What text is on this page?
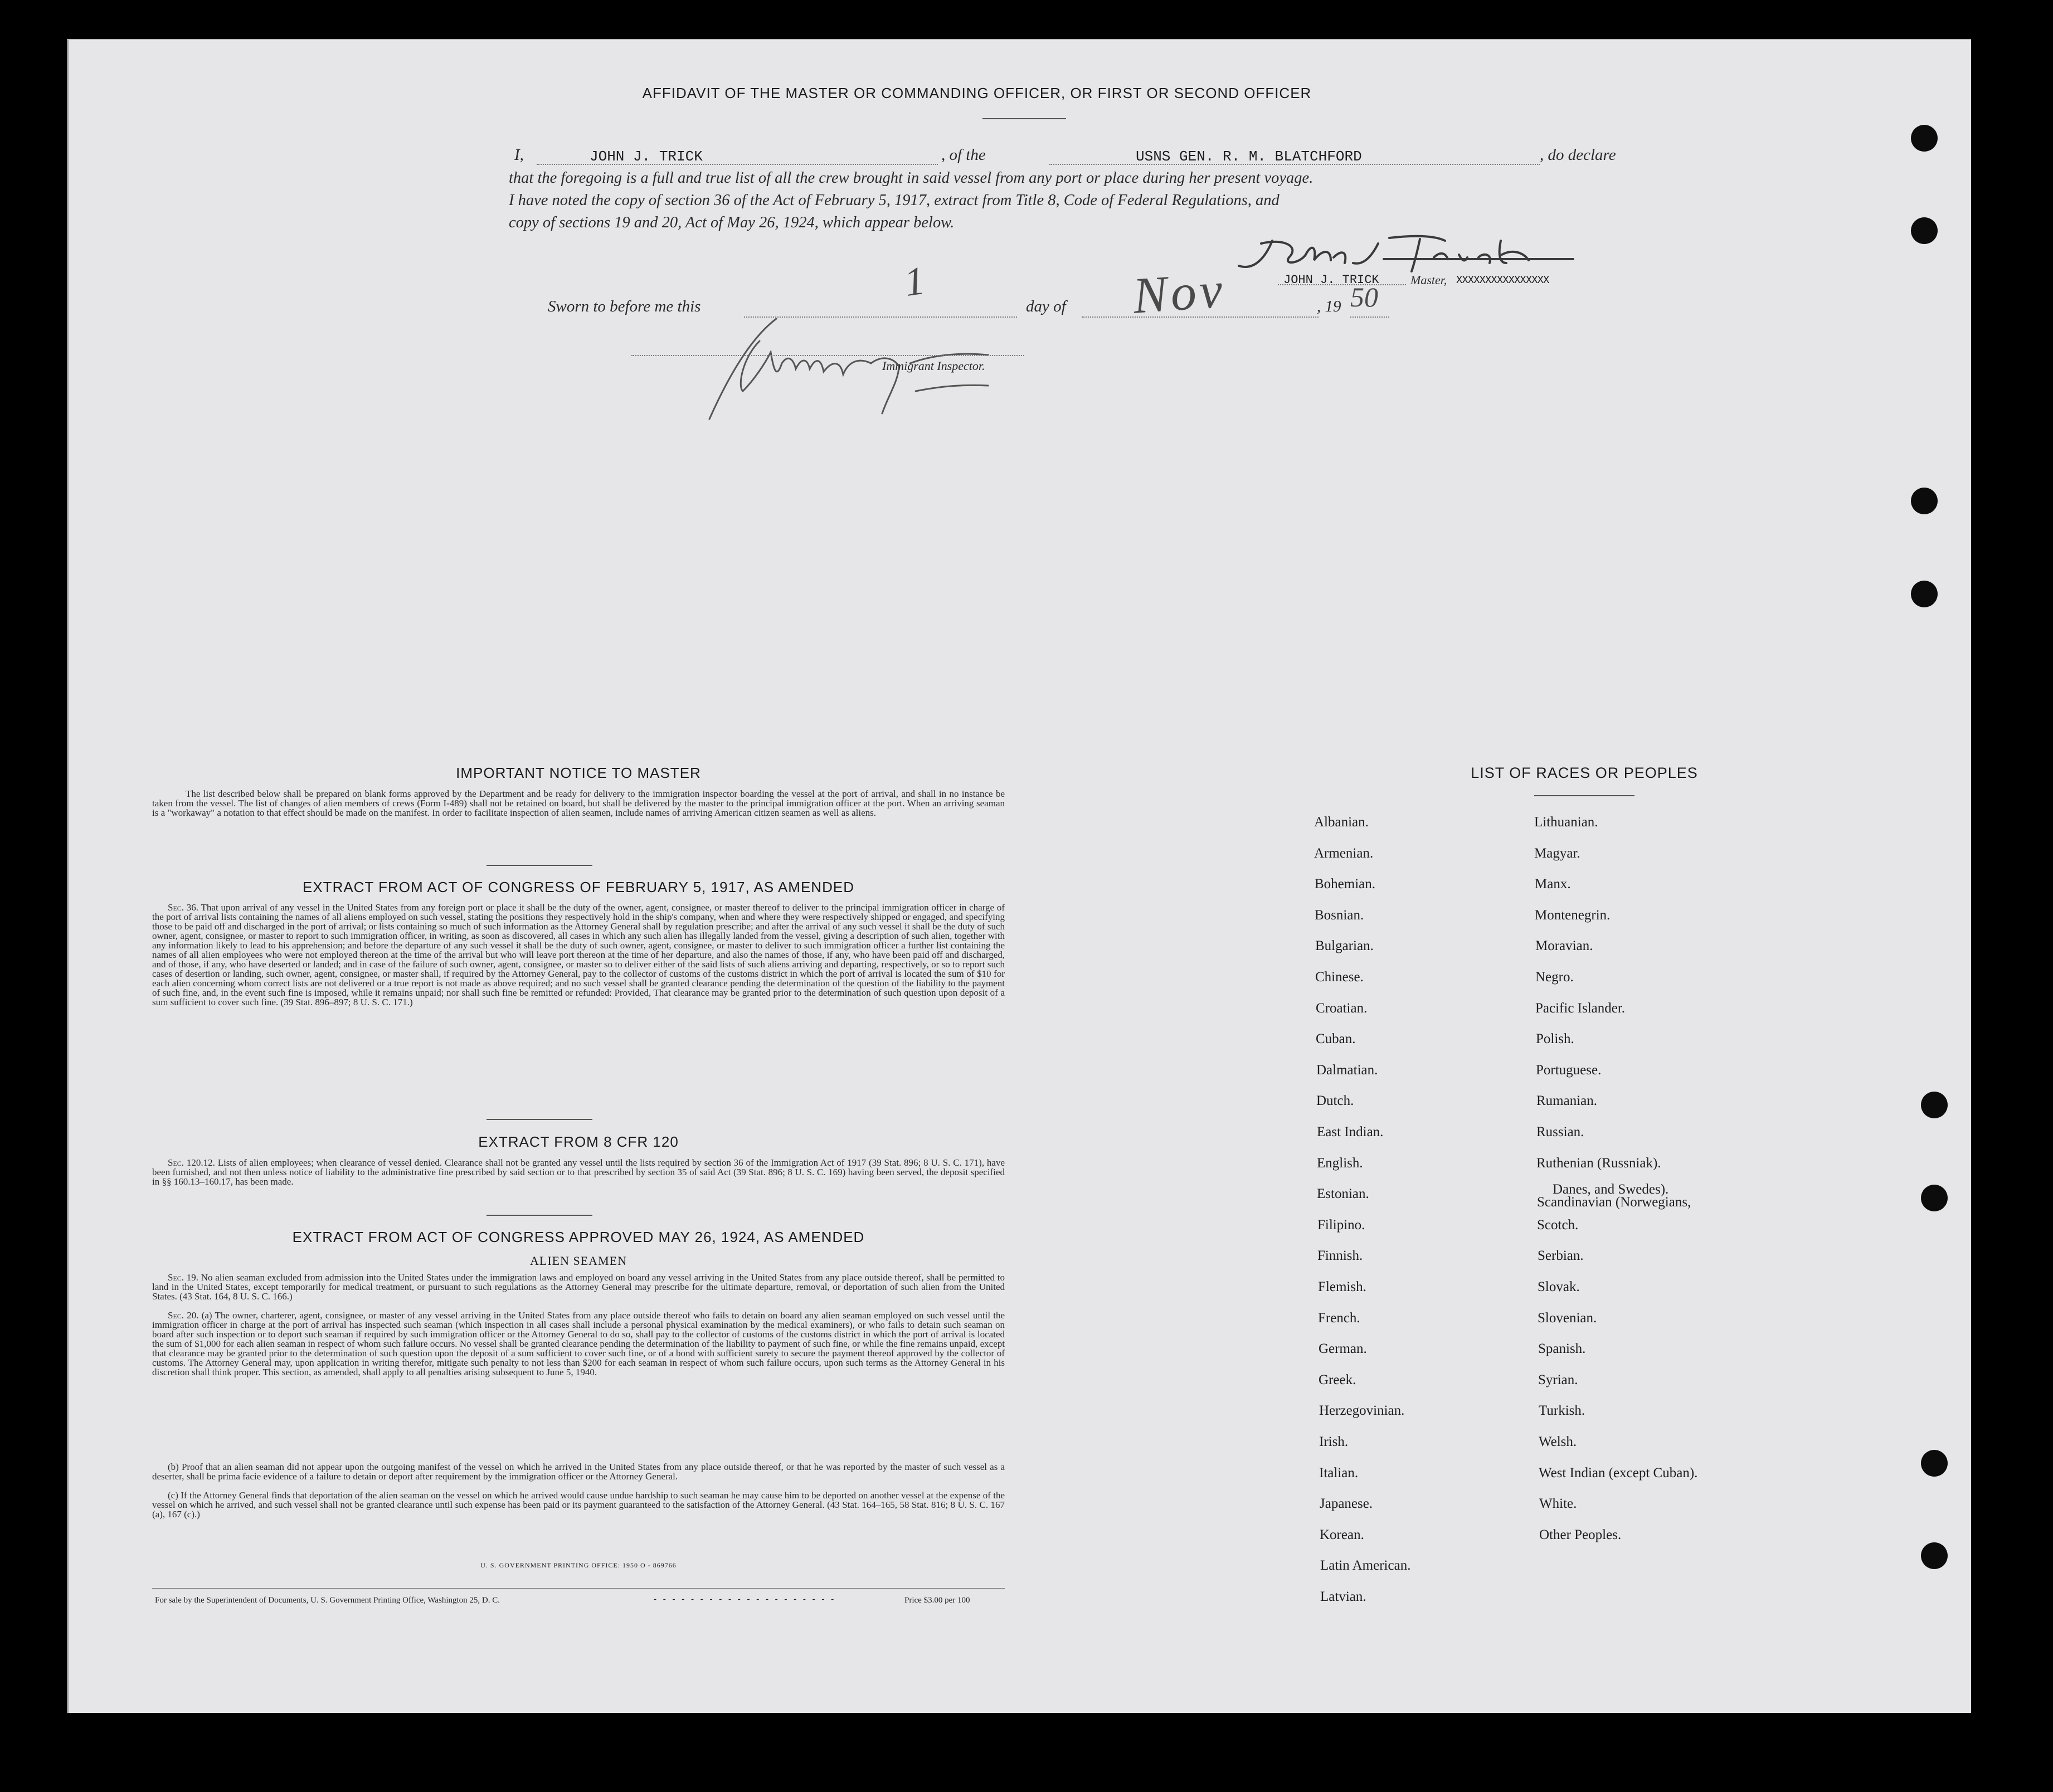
AFFIDAVIT OF THE MASTER OR COMMANDING OFFICER, OR FIRST OR SECOND OFFICER
I,	JOHN J. TRICK	, of the	USNS GEN. R. M. BLATCHFORD	, do declare
that the foregoing is a full and true list of all the crew brought in said vessel from any port or place during her present voyage.
I have noted the copy of section 36 of the Act of February 5, 1917, extract from Title 8, Code of Federal Regulations, and
copy of sections 19 and 20, Act of May 26, 1924, which appear below.
JOHN J. TRICK	Master, XXXXXXXXXXXXXXXX
Sworn to before me this
1
day of Nov	, 19 50
Immigrant Inspector.
IMPORTANT NOTICE TO MASTER
The list described below shall be prepared on blank forms approved by the Department and be ready for delivery to the immigration inspector boarding the vessel at the port of arrival, and shall in no instance be taken from the vessel. The list of changes of alien members of crews (Form I-489) shall not be retained on board, but shall be delivered by the master to the principal immigration officer at the port. When an arriving seaman is a "workaway" a notation to that effect should be made on the manifest. In order to facilitate inspection of alien seamen, include names of arriving American citizen seamen as well as aliens.
EXTRACT FROM ACT OF CONGRESS OF FEBRUARY 5, 1917, AS AMENDED
Sec. 36. That upon arrival of any vessel in the United States from any foreign port or place it shall be the duty of the owner, agent, consignee, or master thereof to deliver to the principal immigration officer in charge of the port of arrival lists containing the names of all aliens employed on such vessel, stating the positions they respectively hold in the ship's company, when and where they were respectively shipped or engaged, and specifying those to be paid off and discharged in the port of arrival; or lists containing so much of such information as the Attorney General shall by regulation prescribe; and after the arrival of any such vessel it shall be the duty of such owner, agent, consignee, or master to report to such immigration officer, in writing, as soon as discovered, all cases in which any such alien has illegally landed from the vessel, giving a description of such alien, together with any information likely to lead to his apprehension; and before the departure of any such vessel it shall be the duty of such owner, agent, consignee, or master to deliver to such immigration officer a further list containing the names of all alien employees who were not employed thereon at the time of the arrival but who will leave port thereon at the time of her departure, and also the names of those, if any, who have been paid off and discharged, and of those, if any, who have deserted or landed; and in case of the failure of such owner, agent, consignee, or master so to deliver either of the said lists of such aliens arriving and departing, respectively, or so to report such cases of desertion or landing, such owner, agent, consignee, or master shall, if required by the Attorney General, pay to the collector of customs of the customs district in which the port of arrival is located the sum of $10 for each alien concerning whom correct lists are not delivered or a true report is not made as above required; and no such vessel shall be granted clearance pending the determination of the question of the liability to the payment of such fine, and, in the event such fine is imposed, while it remains unpaid; nor shall such fine be remitted or refunded: Provided, That clearance may be granted prior to the determination of such question upon deposit of a sum sufficient to cover such fine. (39 Stat. 896–897; 8 U. S. C. 171.)
EXTRACT FROM 8 CFR 120
Sec. 120.12. Lists of alien employees; when clearance of vessel denied. Clearance shall not be granted any vessel until the lists required by section 36 of the Immigration Act of 1917 (39 Stat. 896; 8 U. S. C. 171), have been furnished, and not then unless notice of liability to the administrative fine prescribed by said section or to that prescribed by section 35 of said Act (39 Stat. 896; 8 U. S. C. 169) having been served, the deposit specified in §§ 160.13–160.17, has been made.
EXTRACT FROM ACT OF CONGRESS APPROVED MAY 26, 1924, AS AMENDED
ALIEN SEAMEN
Sec. 19. No alien seaman excluded from admission into the United States under the immigration laws and employed on board any vessel arriving in the United States from any place outside thereof, shall be permitted to land in the United States, except temporarily for medical treatment, or pursuant to such regulations as the Attorney General may prescribe for the ultimate departure, removal, or deportation of such alien from the United States. (43 Stat. 164, 8 U. S. C. 166.)
Sec. 20. (a) The owner, charterer, agent, consignee, or master of any vessel arriving in the United States from any place outside thereof who fails to detain on board any alien seaman employed on such vessel until the immigration officer in charge at the port of arrival has inspected such seaman (which inspection in all cases shall include a personal physical examination by the medical examiners), or who fails to detain such seaman on board after such inspection or to deport such seaman if required by such immigration officer or the Attorney General to do so, shall pay to the collector of customs of the customs district in which the port of arrival is located the sum of $1,000 for each alien seaman in respect of whom such failure occurs. No vessel shall be granted clearance pending the determination of the liability to payment of such fine, or while the fine remains unpaid, except that clearance may be granted prior to the determination of such question upon the deposit of a sum sufficient to cover such fine, or of a bond with sufficient surety to secure the payment thereof approved by the collector of customs. The Attorney General may, upon application in writing therefor, mitigate such penalty to not less than $200 for each seaman in respect of whom such failure occurs, upon such terms as the Attorney General in his discretion shall think proper. This section, as amended, shall apply to all penalties arising subsequent to June 5, 1940.
(b) Proof that an alien seaman did not appear upon the outgoing manifest of the vessel on which he arrived in the United States from any place outside thereof, or that he was reported by the master of such vessel as a deserter, shall be prima facie evidence of a failure to detain or deport after requirement by the immigration officer or the Attorney General.
(c) If the Attorney General finds that deportation of the alien seaman on the vessel on which he arrived would cause undue hardship to such seaman he may cause him to be deported on another vessel at the expense of the vessel on which he arrived, and such vessel shall not be granted clearance until such expense has been paid or its payment guaranteed to the satisfaction of the Attorney General. (43 Stat. 164–165, 58 Stat. 816; 8 U. S. C. 167 (a), 167 (c).)
U. S. GOVERNMENT PRINTING OFFICE: 1950 O - 869766
For sale by the Superintendent of Documents, U. S. Government Printing Office, Washington 25, D. C.	- - - - - - - - - - - - - - - - - - - -	Price $3.00 per 100
LIST OF RACES OR PEOPLES
Albanian.
Armenian.
Bohemian.
Bosnian.
Bulgarian.
Chinese.
Croatian.
Cuban.
Dalmatian.
Dutch.
East Indian.
English.
Estonian.
Filipino.
Finnish.
Flemish.
French.
German.
Greek.
Herzegovinian.
Irish.
Italian.
Japanese.
Korean.
Latin American.
Latvian.
Lithuanian.
Magyar.
Manx.
Montenegrin.
Moravian.
Negro.
Pacific Islander.
Polish.
Portuguese.
Rumanian.
Russian.
Ruthenian (Russniak).
Scandinavian (Norwegians,
Danes, and Swedes).
Scotch.
Serbian.
Slovak.
Slovenian.
Spanish.
Syrian.
Turkish.
Welsh.
West Indian (except Cuban).
White.
Other Peoples.
